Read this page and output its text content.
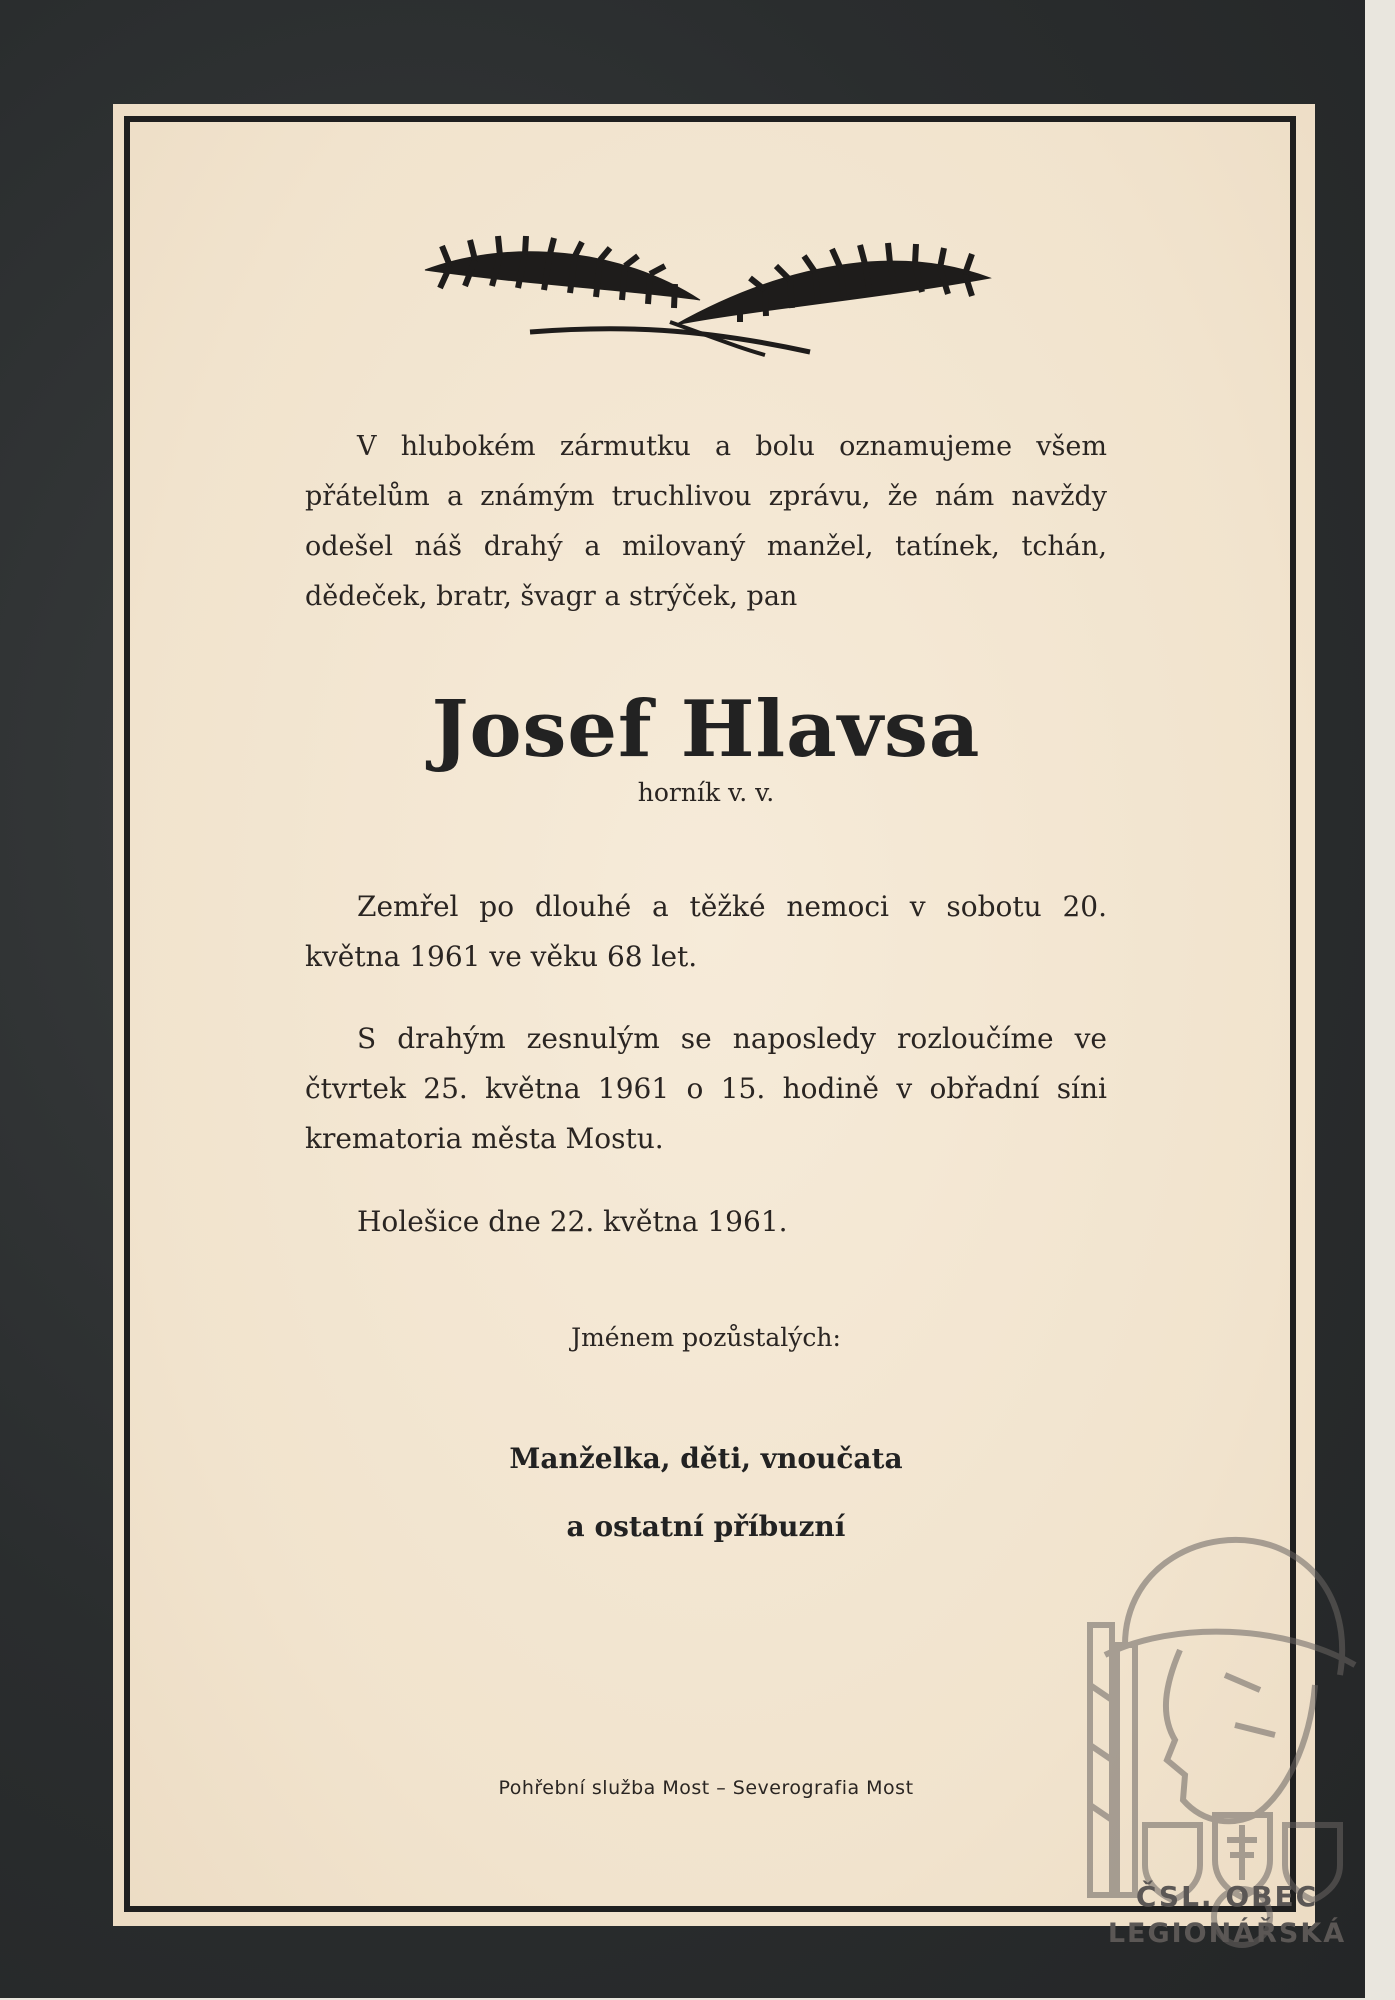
V hlubokém zármutku a bolu oznamujeme všem přátelům a známým truchlivou zprávu, že nám navždy odešel náš drahý a milovaný manžel, tatínek, tchán, dědeček, bratr, švagr a strýček, pan

Josef Hlavsa
horník v. v.

Zemřel po dlouhé a těžké nemoci v sobotu 20. května 1961 ve věku 68 let.

S drahým zesnulým se naposledy rozloučíme ve čtvrtek 25. května 1961 o 15. hodině v obřadní síni krematoria města Mostu.

Holešice dne 22. května 1961.

Jménem pozůstalých:
Manželka, děti, vnoučata
a ostatní příbuzní
Pohřební služba Most – Severografia Most
ČSL. OBEC
LEGIONÁŘSKÁ
